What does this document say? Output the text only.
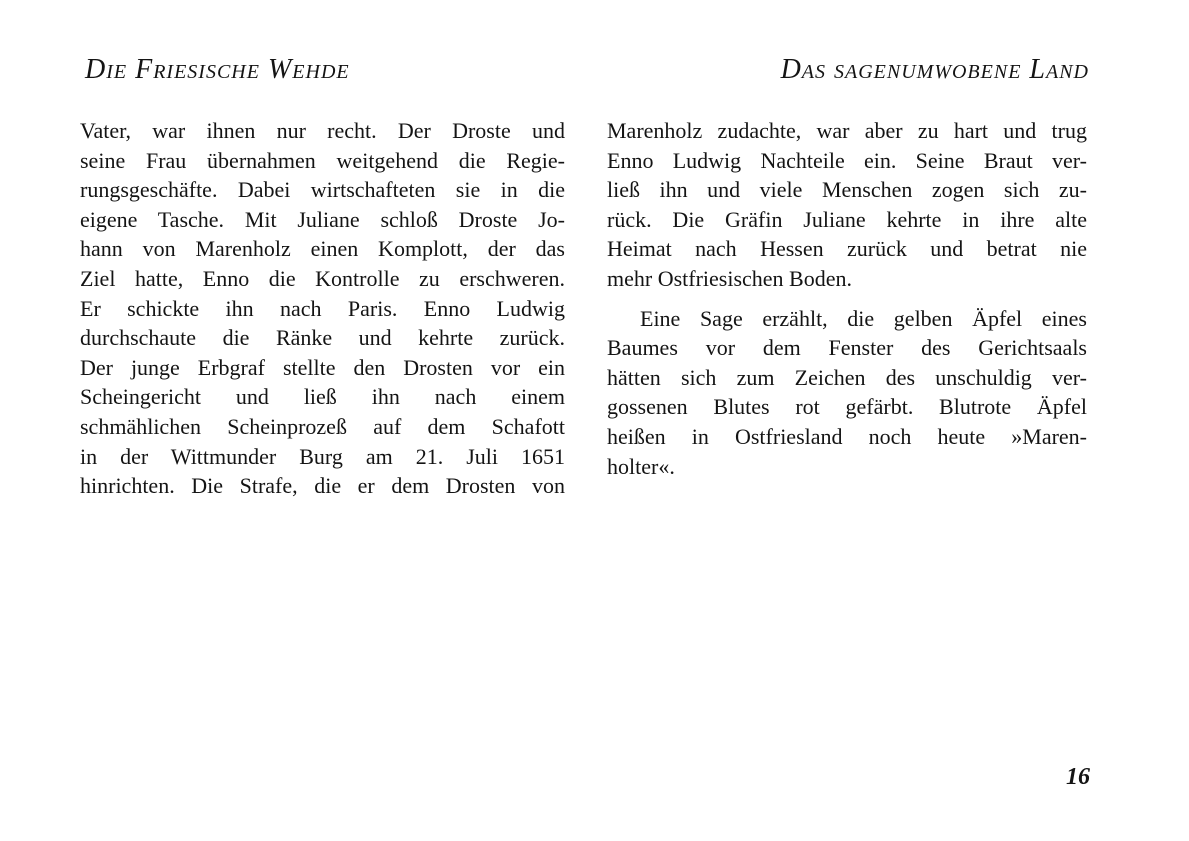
Die Friesische Wehde	Das sagenumwobene Land
Vater, war ihnen nur recht. Der Droste und
seine Frau übernahmen weitgehend die Regie-
rungsgeschäfte. Dabei wirtschafteten sie in die
eigene Tasche. Mit Juliane schloß Droste Jo-
hann von Marenholz einen Komplott, der das
Ziel hatte, Enno die Kontrolle zu erschweren.
Er schickte ihn nach Paris. Enno Ludwig
durchschaute die Ränke und kehrte zurück.
Der junge Erbgraf stellte den Drosten vor ein
Scheingericht und ließ ihn nach einem
schmählichen Scheinprozeß auf dem Schafott
in der Wittmunder Burg am 21. Juli 1651
hinrichten. Die Strafe, die er dem Drosten von
Marenholz zudachte, war aber zu hart und trug
Enno Ludwig Nachteile ein. Seine Braut ver-
ließ ihn und viele Menschen zogen sich zu-
rück. Die Gräfin Juliane kehrte in ihre alte
Heimat nach Hessen zurück und betrat nie
mehr Ostfriesischen Boden.
Eine Sage erzählt, die gelben Äpfel eines
Baumes vor dem Fenster des Gerichtsaals
hätten sich zum Zeichen des unschuldig ver-
gossenen Blutes rot gefärbt. Blutrote Äpfel
heißen in Ostfriesland noch heute »Maren-
holter«.
16
